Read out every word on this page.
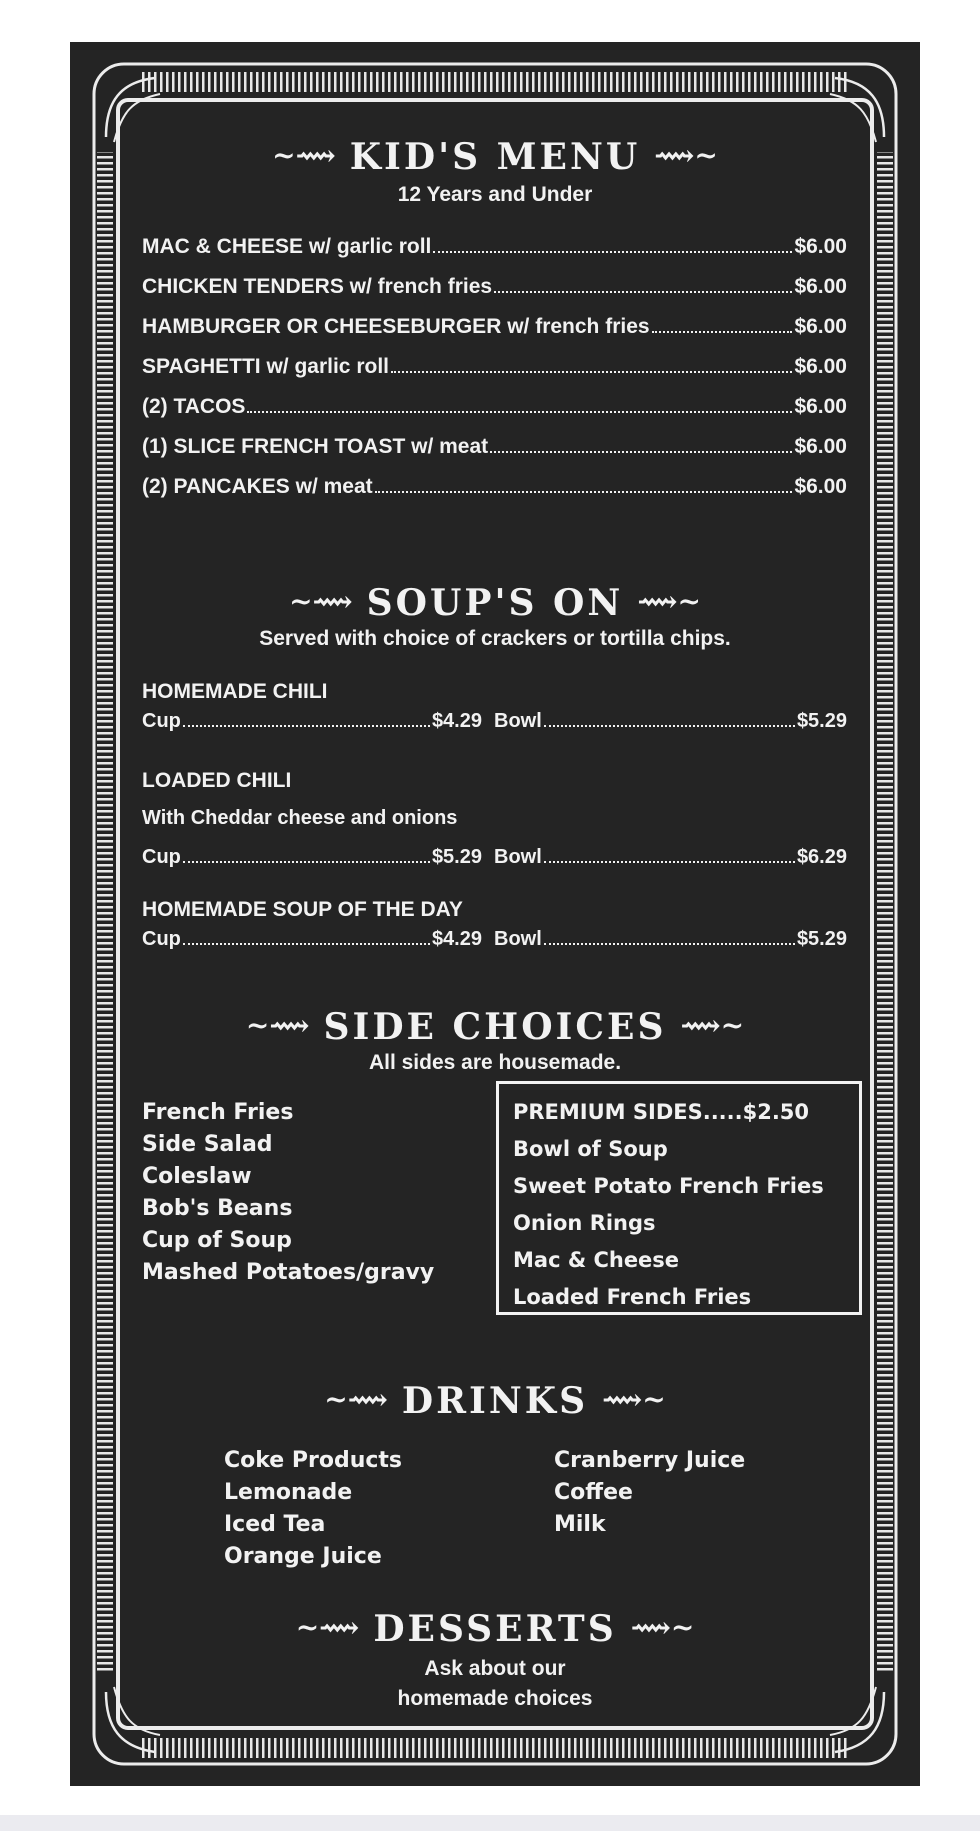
~⟿ KID'S MENU ⟿~
12 Years and Under
MAC & CHEESE w/ garlic roll	$6.00
CHICKEN TENDERS w/ french fries	$6.00
HAMBURGER OR CHEESEBURGER w/ french fries	$6.00
SPAGHETTI w/ garlic roll	$6.00
(2) TACOS	$6.00
(1) SLICE FRENCH TOAST w/ meat	$6.00
(2) PANCAKES w/ meat	$6.00
~⟿ SOUP'S ON ⟿~
Served with choice of crackers or tortilla chips.
HOMEMADE CHILI
Cup	$4.29 Bowl	$5.29
LOADED CHILI
With Cheddar cheese and onions
Cup	$5.29 Bowl	$6.29
HOMEMADE SOUP OF THE DAY
Cup	$4.29 Bowl	$5.29
~⟿ SIDE CHOICES ⟿~
All sides are housemade.
French Fries
Side Salad
Coleslaw
Bob's Beans
Cup of Soup
Mashed Potatoes/gravy
PREMIUM SIDES.....$2.50
Bowl of Soup
Sweet Potato French Fries
Onion Rings
Mac & Cheese
Loaded French Fries
~⟿ DRINKS ⟿~
Coke Products
Lemonade
Iced Tea
Orange Juice
Cranberry Juice
Coffee
Milk
~⟿ DESSERTS ⟿~
Ask about our
homemade choices
